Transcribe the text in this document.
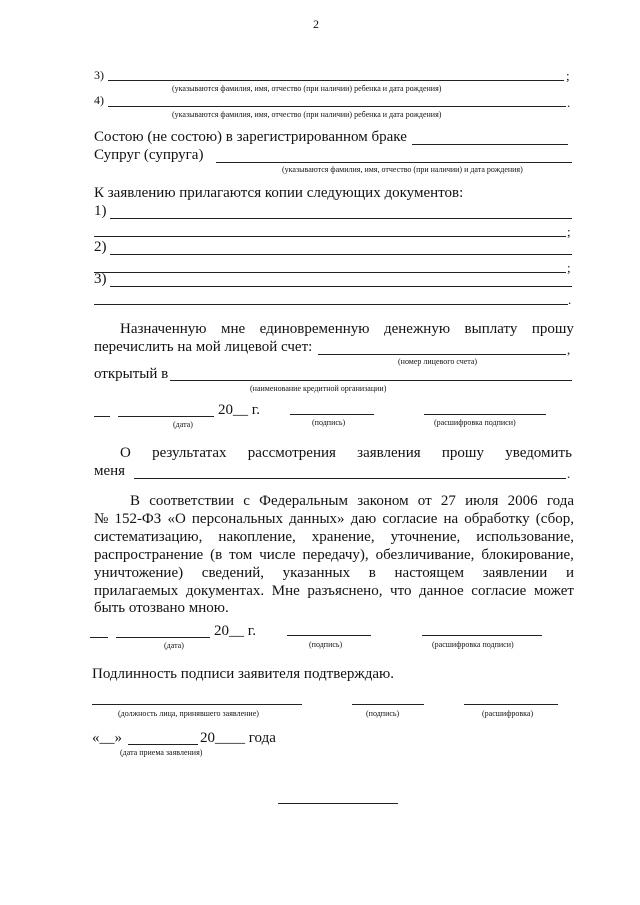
2
3)	;
(указываются фамилия, имя, отчество (при наличии) ребенка и дата рождения)
4)	.
(указываются фамилия, имя, отчество (при наличии) ребенка и дата рождения)
Состою (не состою) в зарегистрированном браке
Супруг (супруга)
(указываются фамилия, имя, отчество (при наличии) и дата рождения)
К заявлению прилагаются копии следующих документов:
1)
;
2)
;
3)
.
Назначенную мне единовременную денежную выплату прошу
перечислить на мой лицевой счет:	,
(номер лицевого счета)
открытый в
(наименование кредитной организации)
20__ г.
(дата)	(подпись)	(расшифровка подписи)
О результатах рассмотрения заявления прошу уведомить
меня	.
В соответствии с Федеральным законом от 27 июля 2006 года
№ 152-ФЗ «О персональных данных» даю согласие на обработку (сбор,
систематизацию, накопление, хранение, уточнение, использование,
распространение (в том числе передачу), обезличивание, блокирование,
уничтожение) сведений, указанных в настоящем заявлении и
прилагаемых документах. Мне разъяснено, что данное согласие может
быть отозвано мною.
20__ г.
(дата)	(подпись)	(расшифровка подписи)
Подлинность подписи заявителя подтверждаю.
(должность лица, принявшего заявление)	(подпись)	(расшифровка)
«__»	20____ года
(дата приема заявления)
